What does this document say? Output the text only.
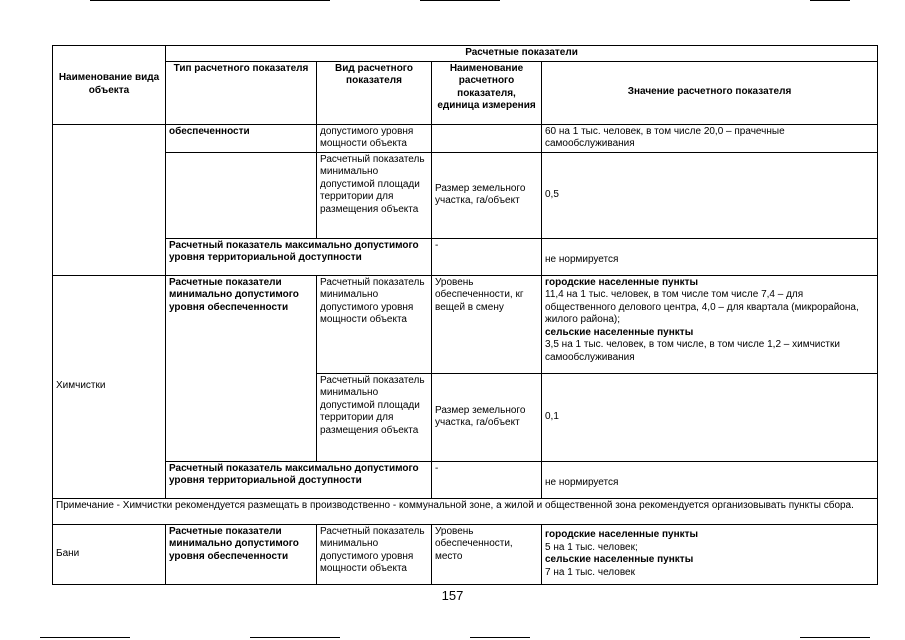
Наименование вида объекта	Расчетные показатели			
	Тип расчетного показателя	Вид расчетного показателя	Наименование расчетного показателя, единица измерения	Значение расчетного показателя
	обеспеченности	допустимого уровня мощности объекта		60 на 1 тыс. человек, в том числе 20,0 – прачечные самообслуживания
		Расчетный показатель минимально допустимой площади территории для размещения объекта	Размер земельного участка, га/объект	0,5
	Расчетный показатель максимально допустимого уровня территориальной доступности		-	не нормируется
Химчистки	Расчетные показатели минимально допустимого уровня обеспеченности	Расчетный показатель минимально допустимого уровня мощности объекта	Уровень обеспеченности, кг вещей в смену	городские населенные пункты
11,4 на 1 тыс. человек, в том числе том числе 7,4 – для общественного делового центра, 4,0 – для квартала (микрорайона, жилого района);
сельские населенные пункты
3,5 на 1 тыс. человек, в том числе, в том числе 1,2 – химчистки самообслуживания

		Расчетный показатель минимально допустимой площади территории для размещения объекта	Размер земельного участка, га/объект	0,1
	Расчетный показатель максимально допустимого уровня территориальной доступности		-	не нормируется
Примечание - Химчистки рекомендуется размещать в производственно - коммунальной зоне, а жилой и общественной зона рекомендуется организовывать пункты сбора.				
Бани	Расчетные показатели минимально допустимого уровня обеспеченности	Расчетный показатель минимально допустимого уровня мощности объекта	Уровень обеспеченности, место	городские населенные пункты
5 на 1 тыс. человек;
сельские населенные пункты
7 на 1 тыс. человек
157
